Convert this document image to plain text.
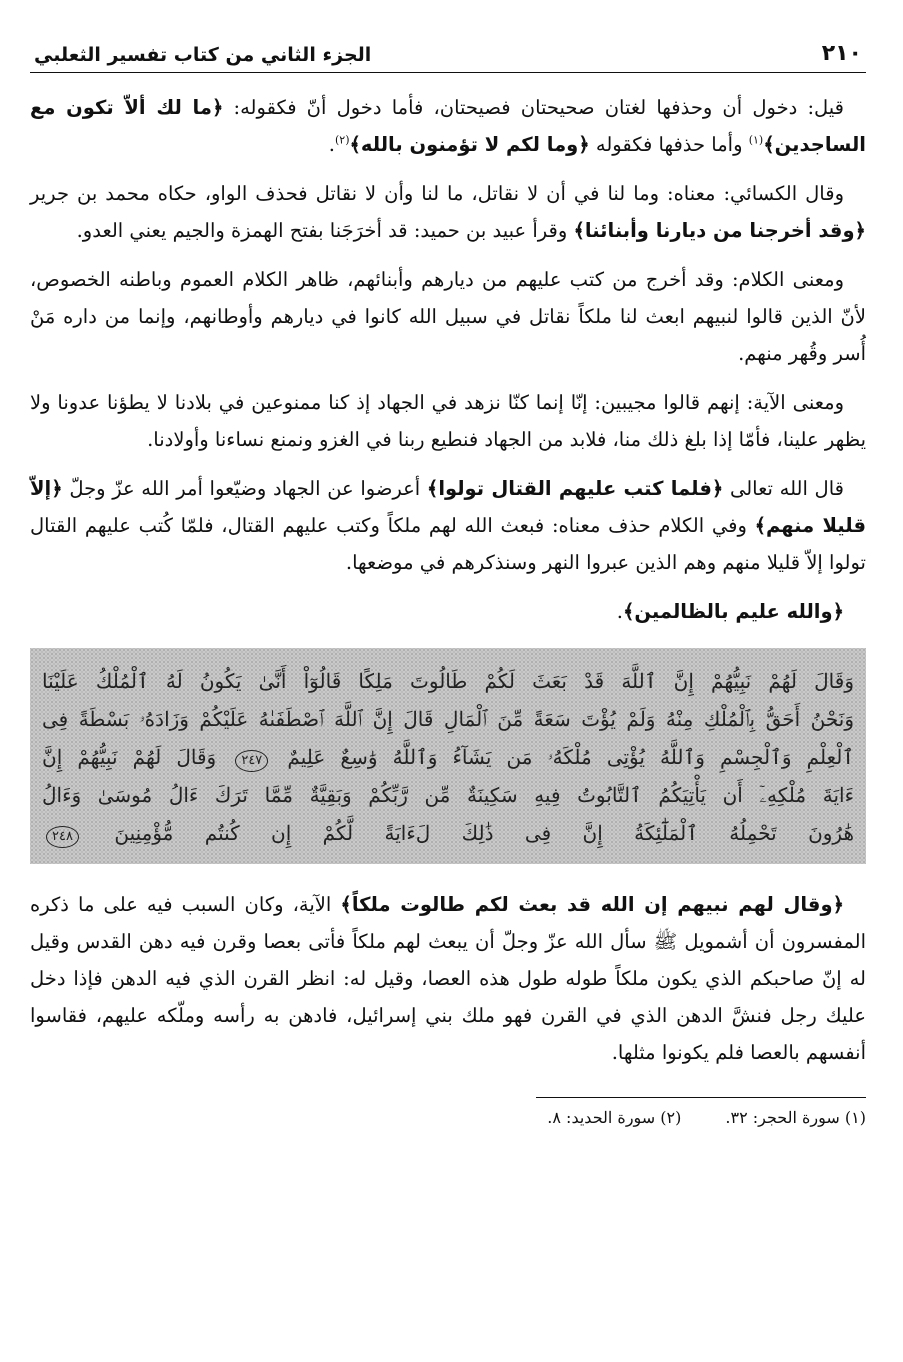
٢١٠
الجزء الثاني من كتاب تفسير الثعلبي

قيل: دخول أن وحذفها لغتان صحيحتان فصيحتان، فأما دخول أنّ فكقوله: ﴿ما لك ألاّ تكون مع الساجدين﴾$^{(١)}$ وأما حذفها فكقوله ﴿وما لكم لا تؤمنون بالله﴾$^{(٢)}$.

وقال الكسائي: معناه: وما لنا في أن لا نقاتل، ما لنا وأن لا نقاتل فحذف الواو، حكاه محمد بن جرير ﴿وقد أخرجنا من ديارنا وأبنائنا﴾ وقرأ عبيد بن حميد: قد أخرَجَنا بفتح الهمزة والجيم يعني العدو.

ومعنى الكلام: وقد أخرج من كتب عليهم من ديارهم وأبنائهم، ظاهر الكلام العموم وباطنه الخصوص، لأنّ الذين قالوا لنبيهم ابعث لنا ملكاً نقاتل في سبيل الله كانوا في ديارهم وأوطانهم، وإنما من داره مَنْ أُسر وقُهر منهم.

ومعنى الآية: إنهم قالوا مجيبين: إنّا إنما كنّا نزهد في الجهاد إذ كنا ممنوعين في بلادنا لا يطؤنا عدونا ولا يظهر علينا، فأمّا إذا بلغ ذلك منا، فلابد من الجهاد فنطيع ربنا في الغزو ونمنع نساءنا وأولادنا.

قال الله تعالى ﴿فلما كتب عليهم القتال تولوا﴾ أعرضوا عن الجهاد وضيّعوا أمر الله عزّ وجلّ ﴿إلاّ قليلا منهم﴾ وفي الكلام حذف معناه: فبعث الله لهم ملكاً وكتب عليهم القتال، فلمّا كُتب عليهم القتال تولوا إلاّ قليلا منهم وهم الذين عبروا النهر وسنذكرهم في موضعها.

﴿والله عليم بالظالمين﴾.

وَقَالَ لَهُمْ نَبِيُّهُمْ إِنَّ ٱللَّهَ قَدْ بَعَثَ لَكُمْ طَالُوتَ مَلِكًا قَالُوٓاْ أَنَّىٰ يَكُونُ لَهُ ٱلْمُلْكُ عَلَيْنَا
وَنَحْنُ أَحَقُّ بِٱلْمُلْكِ مِنْهُ وَلَمْ يُؤْتَ سَعَةً مِّنَ ٱلْمَالِ قَالَ إِنَّ ٱللَّهَ ٱصْطَفَىٰهُ عَلَيْكُمْ وَزَادَهُۥ بَسْطَةً فِى
ٱلْعِلْمِ وَٱلْجِسْمِ وَٱللَّهُ يُؤْتِى مُلْكَهُۥ مَن يَشَآءُ وَٱللَّهُ وَٰسِعٌ عَلِيمٌ ٢٤٧ وَقَالَ لَهُمْ نَبِيُّهُمْ إِنَّ
ءَايَةَ مُلْكِهِۦٓ أَن يَأْتِيَكُمُ ٱلتَّابُوتُ فِيهِ سَكِينَةٌ مِّن رَّبِّكُمْ وَبَقِيَّةٌ مِّمَّا تَرَكَ ءَالُ مُوسَىٰ وَءَالُ
هَٰرُونَ تَحْمِلُهُ ٱلْمَلَٰٓئِكَةُ إِنَّ فِى ذَٰلِكَ لَءَايَةً لَّكُمْ إِن كُنتُم مُّؤْمِنِينَ ٢٤٨

﴿وقال لهم نبيهم إن الله قد بعث لكم طالوت ملكاً﴾ الآية، وكان السبب فيه على ما ذكره المفسرون أن أشمويل ﷺ سأل الله عزّ وجلّ أن يبعث لهم ملكاً فأتى بعصا وقرن فيه دهن القدس وقيل له إنّ صاحبكم الذي يكون ملكاً طوله طول هذه العصا، وقيل له: انظر القرن الذي فيه الدهن فإذا دخل عليك رجل فنشَّ الدهن الذي في القرن فهو ملك بني إسرائيل، فادهن به رأسه وملّكه عليهم، فقاسوا أنفسهم بالعصا فلم يكونوا مثلها.

(١) سورة الحجر: ٣٢.
(٢) سورة الحديد: ٨.
